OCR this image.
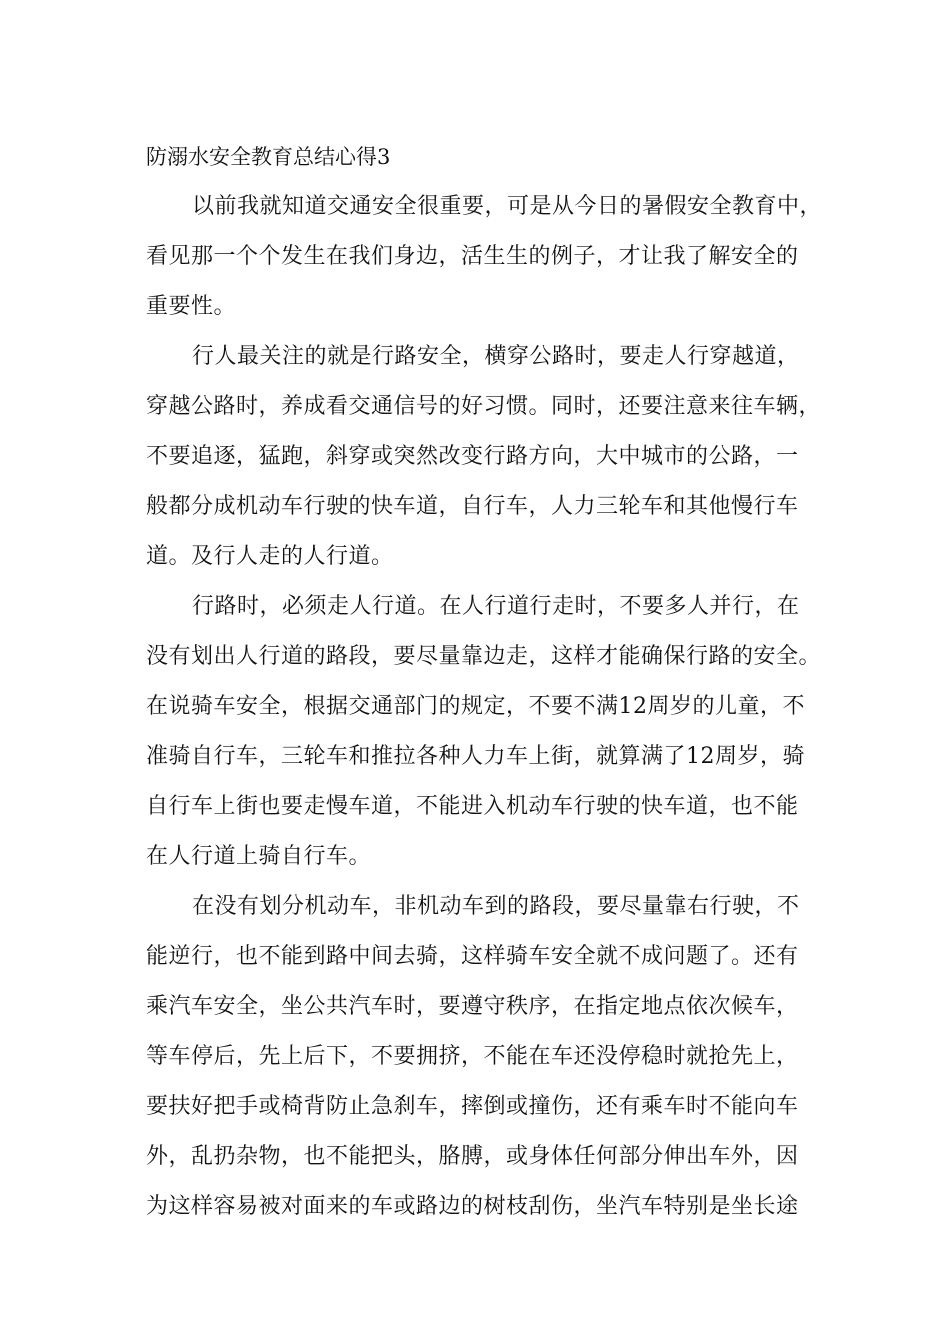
防溺水安全教育总结心得3

以前我就知道交通安全很重要，可是从今日的暑假安全教育中，
看见那一个个发生在我们身边，活生生的例子，才让我了解安全的
重要性。

行人最关注的就是行路安全，横穿公路时，要走人行穿越道，
穿越公路时，养成看交通信号的好习惯。同时，还要注意来往车辆，
不要追逐，猛跑，斜穿或突然改变行路方向，大中城市的公路，一
般都分成机动车行驶的快车道，自行车，人力三轮车和其他慢行车
道。及行人走的人行道。

行路时，必须走人行道。在人行道行走时，不要多人并行，在
没有划出人行道的路段，要尽量靠边走，这样才能确保行路的安全。
在说骑车安全，根据交通部门的规定，不要不满12周岁的儿童，不
准骑自行车，三轮车和推拉各种人力车上街，就算满了12周岁，骑
自行车上街也要走慢车道，不能进入机动车行驶的快车道，也不能
在人行道上骑自行车。

在没有划分机动车，非机动车到的路段，要尽量靠右行驶，不
能逆行，也不能到路中间去骑，这样骑车安全就不成问题了。还有
乘汽车安全，坐公共汽车时，要遵守秩序，在指定地点依次候车，
等车停后，先上后下，不要拥挤，不能在车还没停稳时就抢先上，
要扶好把手或椅背防止急刹车，摔倒或撞伤，还有乘车时不能向车
外，乱扔杂物，也不能把头，胳膊，或身体任何部分伸出车外，因
为这样容易被对面来的车或路边的树枝刮伤，坐汽车特别是坐长途
